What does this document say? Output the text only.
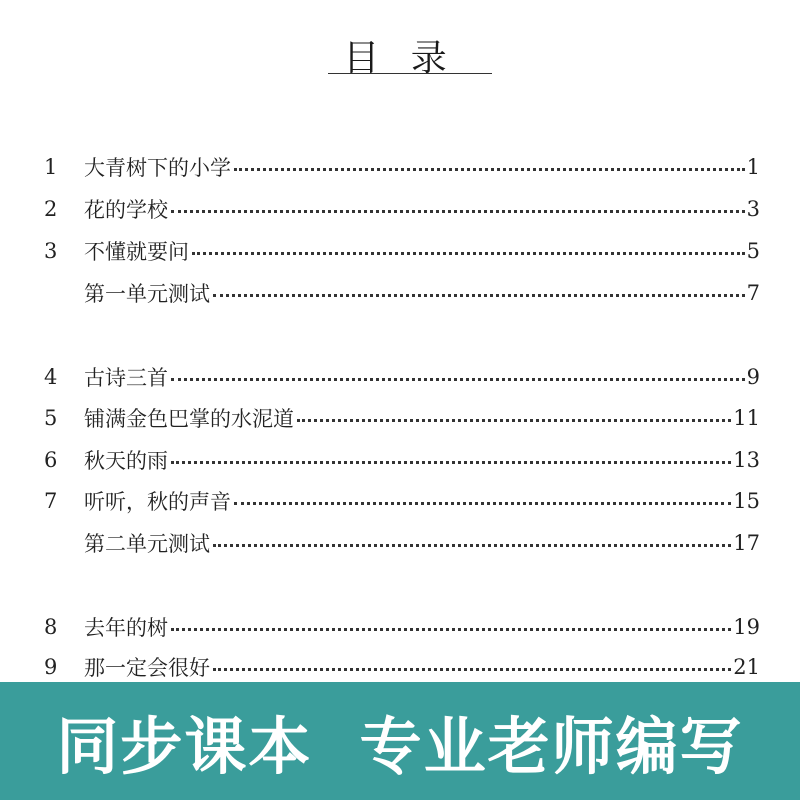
目 录
1	大青树下的小学	1
2	花的学校	3
3	不懂就要问	5
第一单元测试	7
4	古诗三首	9
5	铺满金色巴掌的水泥道	11
6	秋天的雨	13
7	听听，秋的声音	15
第二单元测试	17
8	去年的树	19
9	那一定会很好	21
同步课本  专业老师编写
